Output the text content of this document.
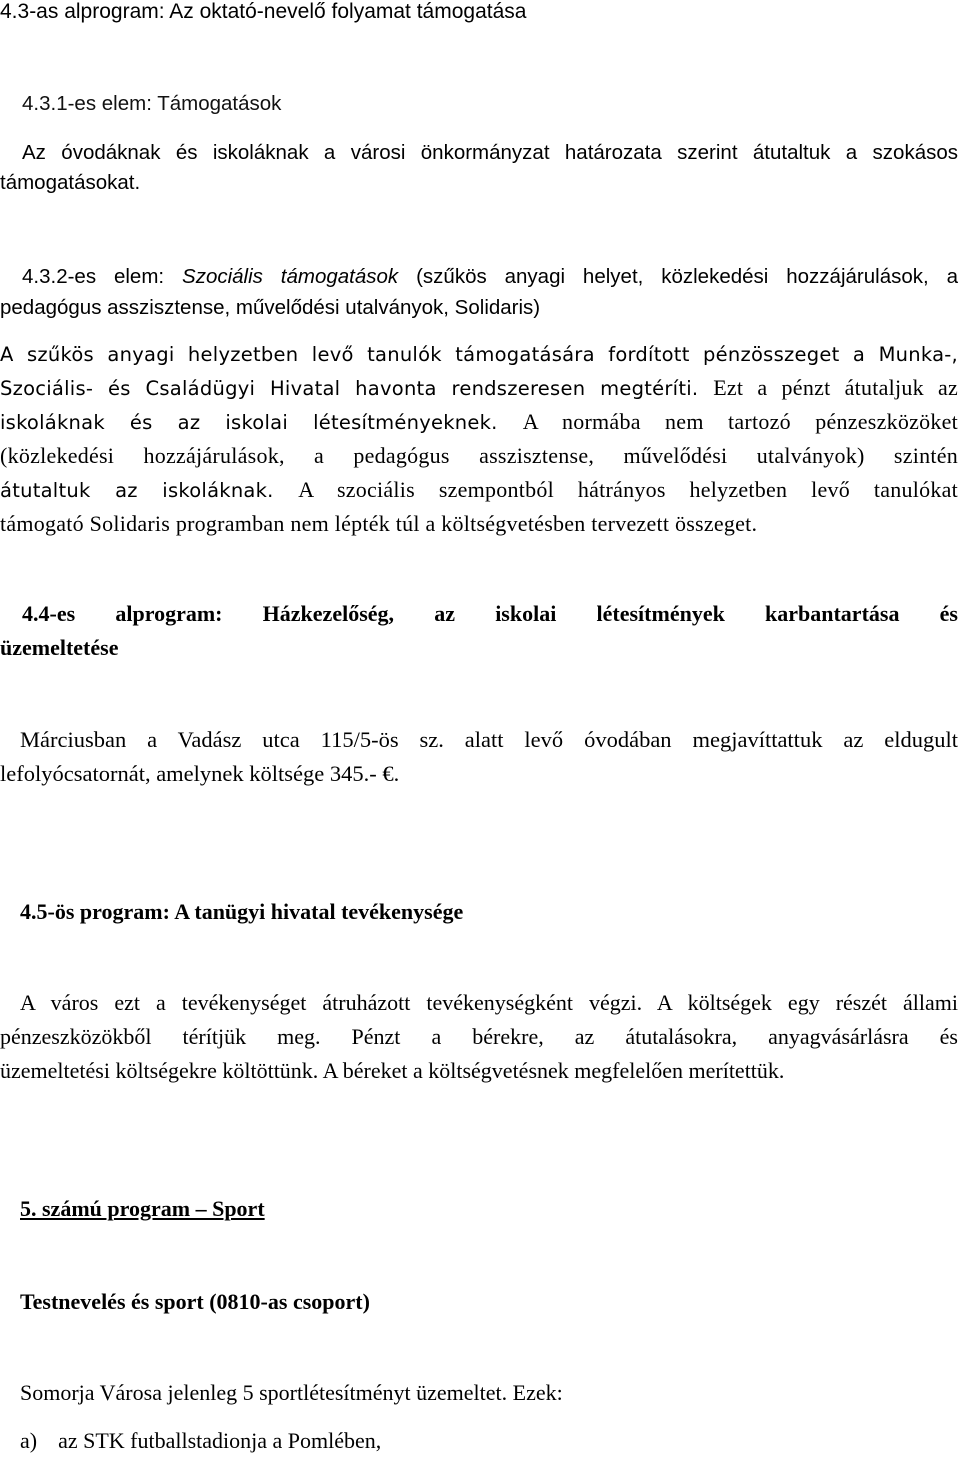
4.3-as alprogram: Az oktató-nevelő folyamat támogatása
4.3.1-es elem: Támogatások
Az óvodáknak és iskoláknak a városi önkormányzat határozata szerint átutaltuk a szokásos
támogatásokat.
4.3.2-es elem: Szociális támogatások (szűkös anyagi helyet, közlekedési hozzájárulások, a
pedagógus asszisztense, művelődési utalványok, Solidaris)
A szűkös anyagi helyzetben levő tanulók támogatására fordított pénzösszeget a Munka-,
Szociális- és Családügyi Hivatal havonta rendszeresen megtéríti. Ezt a pénzt átutaljuk az
iskoláknak és az iskolai létesítményeknek. A normába nem tartozó pénzeszközöket
(közlekedési hozzájárulások, a pedagógus asszisztense, művelődési utalványok) szintén
átutaltuk az iskoláknak. A szociális szempontból hátrányos helyzetben levő tanulókat
támogató Solidaris programban nem lépték túl a költségvetésben tervezett összeget.
4.4-es alprogram: Házkezelőség, az iskolai létesítmények karbantartása és
üzemeltetése
Márciusban a Vadász utca 115/5-ös sz. alatt levő óvodában megjavíttattuk az eldugult
lefolyócsatornát, amelynek költsége 345.- €.
4.5-ös program: A tanügyi hivatal tevékenysége
A város ezt a tevékenységet átruházott tevékenységként végzi. A költségek egy részét állami
pénzeszközökből térítjük meg. Pénzt a bérekre, az átutalásokra, anyagvásárlásra és
üzemeltetési költségekre költöttünk. A béreket a költségvetésnek megfelelően merítettük.
5. számú program – Sport
Testnevelés és sport (0810-as csoport)
Somorja Városa jelenleg 5 sportlétesítményt üzemeltet. Ezek:
a) az STK futballstadionja a Pomlében,
